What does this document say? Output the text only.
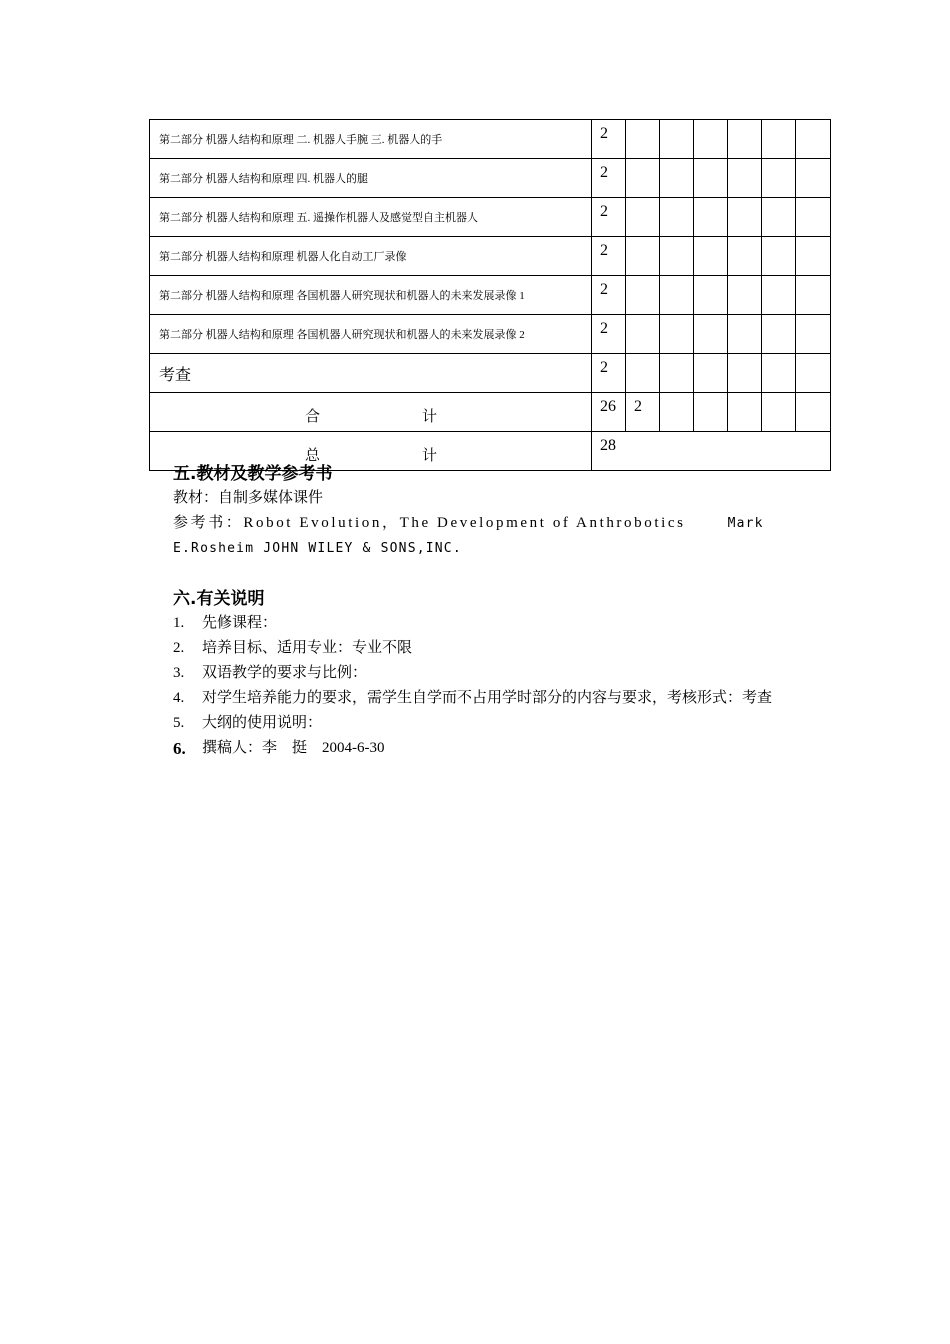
第二部分 机器人结构和原理 二. 机器人手腕 三. 机器人的手	2						
第二部分 机器人结构和原理 四. 机器人的腿	2						
第二部分 机器人结构和原理 五. 遥操作机器人及感觉型自主机器人	2						
第二部分 机器人结构和原理 机器人化自动工厂录像	2						
第二部分 机器人结构和原理 各国机器人研究现状和机器人的未来发展录像 1	2						
第二部分 机器人结构和原理 各国机器人研究现状和机器人的未来发展录像 2	2						
考查	2						

合 计	26	2					

总 计	28						
五.教材及教学参考书
教材：自制多媒体课件
参考书：Robot Evolution，The Development of Anthrobotics	Mark
E.Rosheim JOHN WILEY & SONS,INC.
六.有关说明
1.	先修课程：
2.	培养目标、适用专业：专业不限
3.	双语教学的要求与比例：
4.	对学生培养能力的要求，需学生自学而不占用学时部分的内容与要求，考核形式：考查
5.	大纲的使用说明：
6.	撰稿人：李    挺    2004-6-30
